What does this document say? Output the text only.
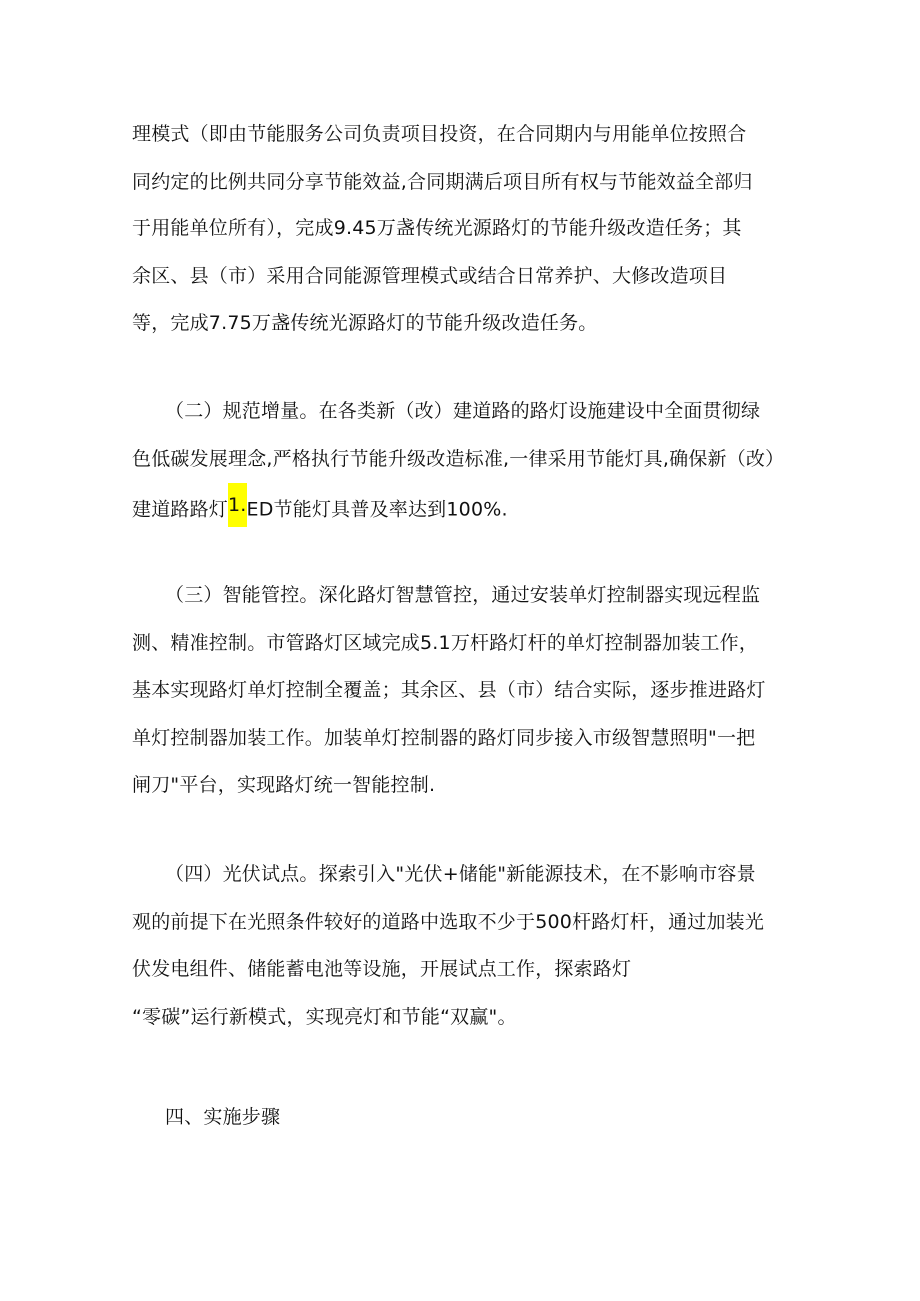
理模式（即由节能服务公司负责项目投资，在合同期内与用能单位按照合
同约定的比例共同分享节能效益,合同期满后项目所有权与节能效益全部归
于用能单位所有），完成9.45万盏传统光源路灯的节能升级改造任务；其
余区、县（市）采用合同能源管理模式或结合日常养护、大修改造项目
等，完成7.75万盏传统光源路灯的节能升级改造任务。
（二）规范增量。在各类新（改）建道路的路灯设施建设中全面贯彻绿
色低碳发展理念,严格执行节能升级改造标准,一律采用节能灯具,确保新（改）
建道路路灯1.ED节能灯具普及率达到100%.
（三）智能管控。深化路灯智慧管控，通过安装单灯控制器实现远程监
测、精准控制。市管路灯区域完成5.1万杆路灯杆的单灯控制器加装工作，
基本实现路灯单灯控制全覆盖；其余区、县（市）结合实际，逐步推进路灯
单灯控制器加装工作。加装单灯控制器的路灯同步接入市级智慧照明"一把
闸刀"平台，实现路灯统一智能控制.
（四）光伏试点。探索引入"光伏+储能"新能源技术，在不影响市容景
观的前提下在光照条件较好的道路中选取不少于500杆路灯杆，通过加装光
伏发电组件、储能蓄电池等设施，开展试点工作，探索路灯
“零碳”运行新模式，实现亮灯和节能“双赢"。
四、实施步骤
